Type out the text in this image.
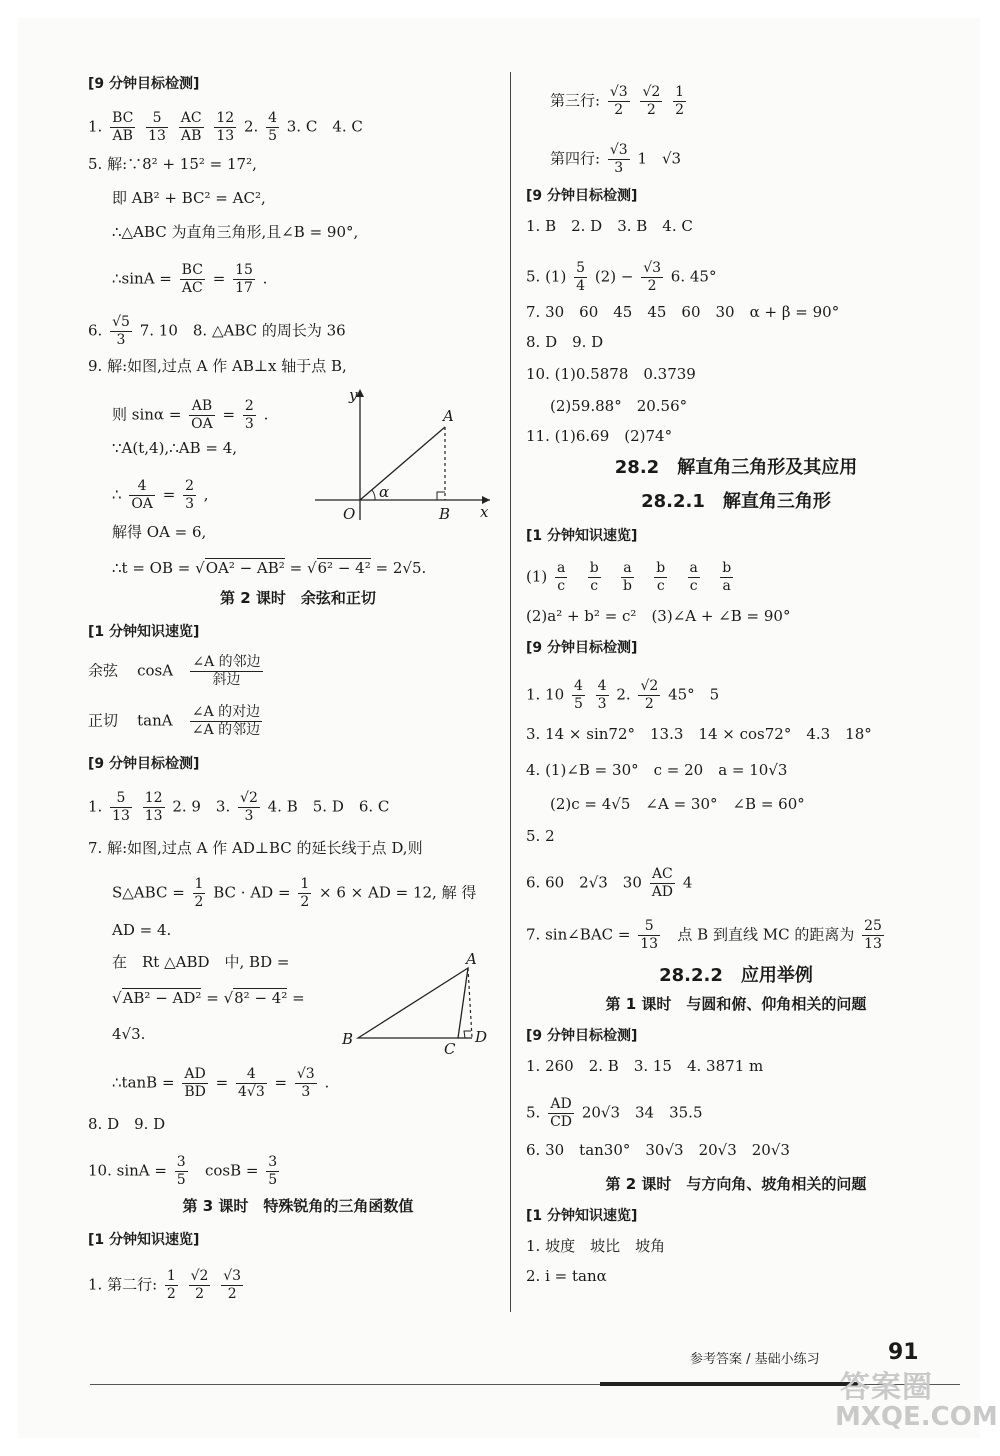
[9 分钟目标检测]
1. $\frac{BC}{AB}$
$\frac{5}{13}$
$\frac{AC}{AB}$
$\frac{12}{13} 2$. $\frac{4}{5} 3$. C　4. C
5. 解:∵8² + 15² = 17²,
即 AB² + BC² = AC²,
∴△ABC 为直角三角形,且∠B = 90°,
∴sinA = $\frac{BC}{AC} = \frac{15}{17}$ .
6. $\frac{√5}{3} 7$. 10　8. △ABC 的周长为 36
9. 解:如图,过点 A 作 AB⊥x 轴于点 B,
则 $\sin\alpha = \frac{AB}{OA} = \frac{2}{3}$ .
∵A(t,4),∴AB = 4,
∴ $\frac{4}{OA} = \frac{2}{3}$ ,
解得 OA = 6,
∴t = OB = √ OA² − AB² = √ 6² − 4² = 2√5.
第 2 课时　余弦和正切
[1 分钟知识速览]
余弦 cosA ∠A 的邻边
斜边
正切 tanA ∠A 的对边
∠A 的邻边
[9 分钟目标检测]
1. $\frac{5}{13}$
$\frac{12}{13} 2$. 9　3. $\frac{√2}{3} 4$. B　5. D　6. C
7. 解:如图,过点 A 作 AD⊥BC 的延长线于点 D,则
S△ABC = $\frac{1}{2}$ BC · AD = $\frac{1}{2} \times 6$ × AD = 12, 解 得
AD = 4.
在　Rt △ABD　中, BD =
√ AB² − AD² = √ 8² − 4² =
4√3.
∴tanB = $\frac{AD}{BD} = \frac{4}{4√3} = \frac{√3}{3}$ .
8. D　9. D
10. $\sin A = \frac{3}{5}$ $\cos B = \frac{3}{5}$
第 3 课时　特殊锐角的三角函数值
[1 分钟知识速览]
1. 第二行: $\frac{1}{2}$
$\frac{√2}{2}$
$\frac{√3}{2}$
y
x
O
A
B
α
A
B
C
D
第三行: $\frac{√3}{2}$
$\frac{√2}{2}$
$\frac{1}{2}$
第四行: $\frac{√3}{3} 1$　√3
[9 分钟目标检测]
1. B　2. D　3. B　4. C
5. $(1) \frac{5}{4} (2) - \frac{√3}{2} 6$. 45°
7. 30　60　45　45　60　30　α + β = 90°
8. D　9. D
10. (1)0.5878　0.3739
(2)59.88°　20.56°
11. (1)6.69　(2)74°
28.2　解直角三角形及其应用
28.2.1　解直角三角形
[1 分钟知识速览]
$(1) \frac{a}{c}$
$\frac{b}{c}$
$\frac{a}{b}$
$\frac{b}{c}$
$\frac{a}{c}$
$\frac{b}{a}$
(2)a² + b² = c²　(3)∠A + ∠B = 90°
[9 分钟目标检测]
1. $10 \frac{4}{5}$
$\frac{4}{3} 2$. $\frac{√2}{2} 45^\circ$　5
3. 14 × sin72°　13.3　14 × cos72°　4.3　18°
4. (1)∠B = 30°　c = 20　a = 10√3
(2)c = 4√5　∠A = 30°　∠B = 60°
5. 2
6. 60　2√3　$30 \frac{AC}{AD} 4$
7. sin∠BAC = $\frac{5}{13}$ 点 B 到直线 MC 的距离为 $\frac{25}{13}$
28.2.2　应用举例
第 1 课时　与圆和俯、仰角相关的问题
[9 分钟目标检测]
1. 260　2. B　3. 15　4. 3871 m
5. $\frac{AD}{CD} 20√3$　34　35.5
6. 30　tan30°　30√3　20√3　20√3
第 2 课时　与方向角、坡角相关的问题
[1 分钟知识速览]
1. 坡度　坡比　坡角
2. i = tanα
参考答案 / 基础小练习	91
答案圈
MXQE.COM
